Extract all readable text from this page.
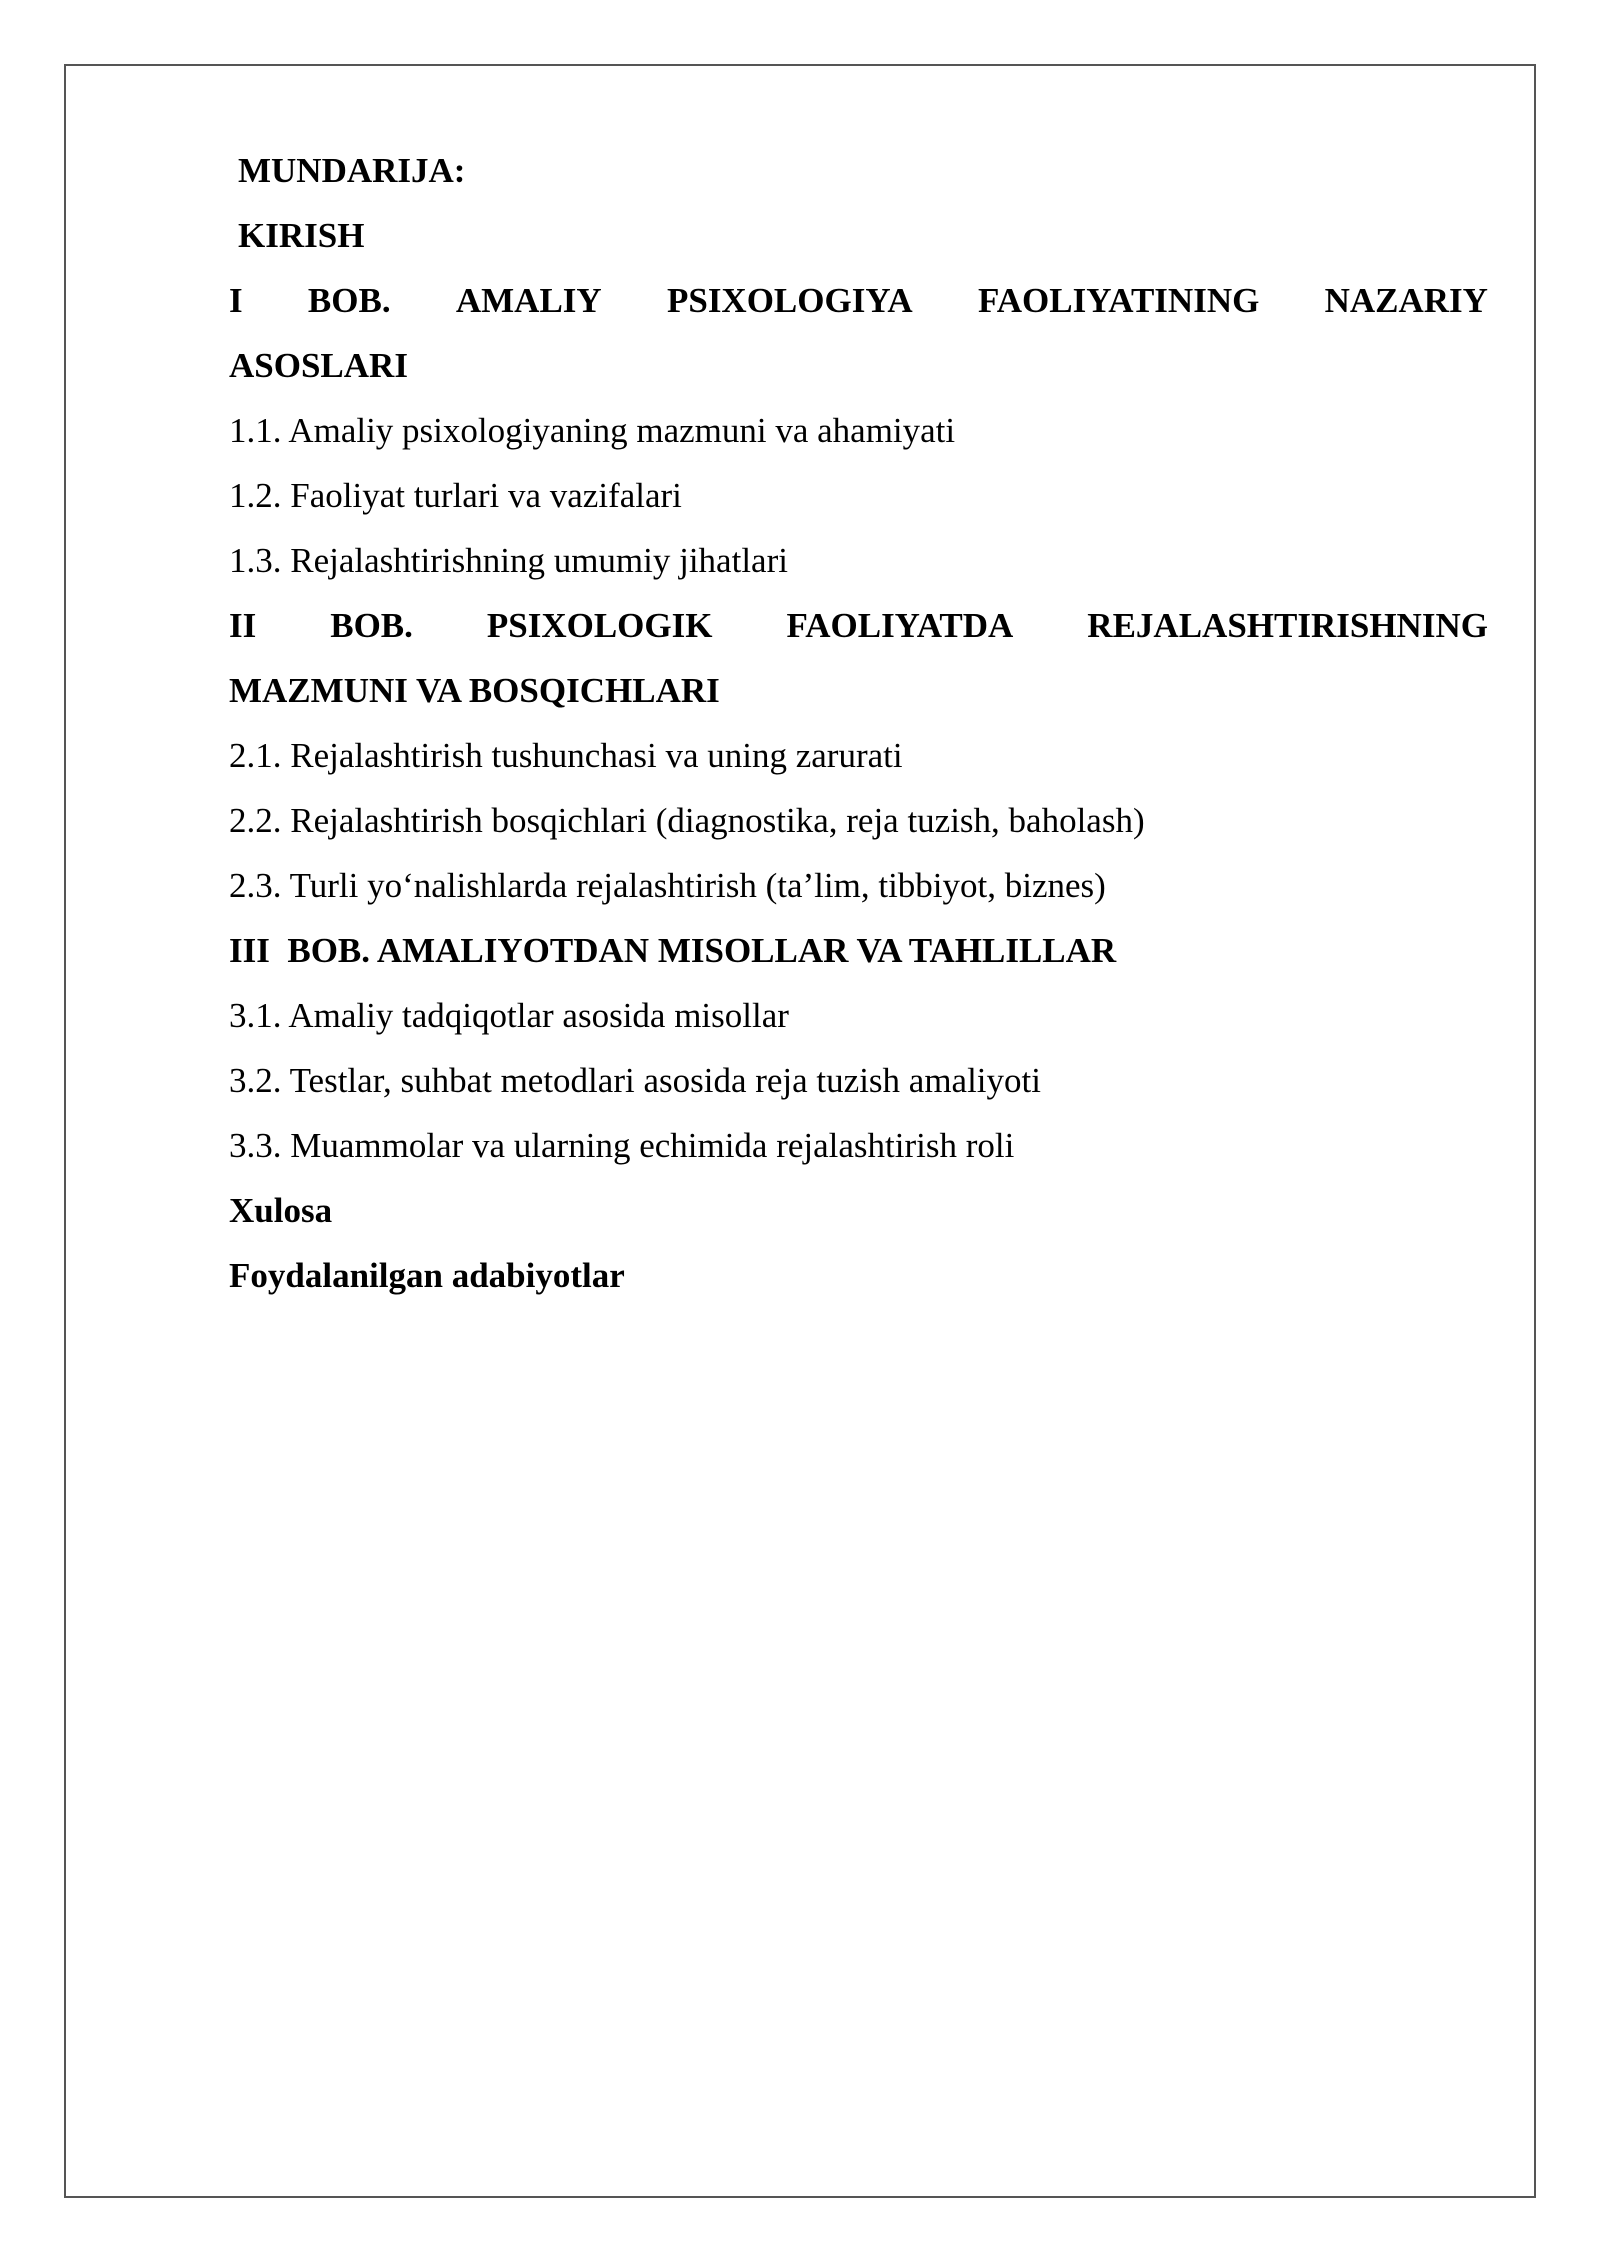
MUNDARIJA:
KIRISH
I BOB. AMALIY PSIXOLOGIYA FAOLIYATINING NAZARIY
ASOSLARI
1.1. Amaliy psixologiyaning mazmuni va ahamiyati
1.2. Faoliyat turlari va vazifalari
1.3. Rejalashtirishning umumiy jihatlari
II BOB. PSIXOLOGIK FAOLIYATDA REJALASHTIRISHNING
MAZMUNI VA BOSQICHLARI
2.1. Rejalashtirish tushunchasi va uning zarurati
2.2. Rejalashtirish bosqichlari (diagnostika, reja tuzish, baholash)
2.3. Turli yo‘nalishlarda rejalashtirish (ta’lim, tibbiyot, biznes)
III  BOB. AMALIYOTDAN MISOLLAR VA TAHLILLAR
3.1. Amaliy tadqiqotlar asosida misollar
3.2. Testlar, suhbat metodlari asosida reja tuzish amaliyoti
3.3. Muammolar va ularning echimida rejalashtirish roli
Xulosa
Foydalanilgan adabiyotlar
